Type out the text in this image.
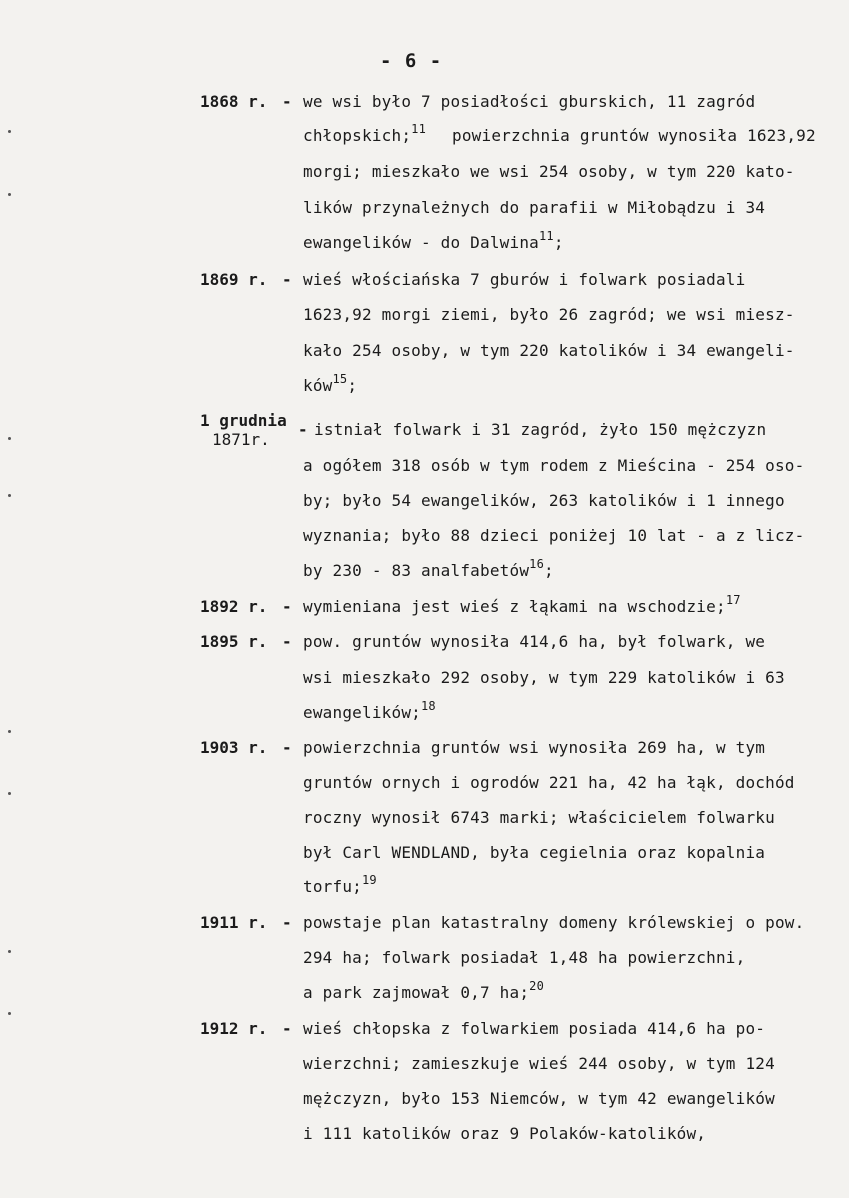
- 6 -
1868 r. - we wsi było 7 posiadłości gburskich, 11 zagród
chłopskich;$^{11}$ powierzchnia gruntów wynosiła 1623,92
morgi; mieszkało we wsi 254 osoby, w tym 220 kato-
lików przynależnych do parafii w Miłobądzu i 34
ewangelików - do Dalwina$^{11}$;
1869 r. - wieś włościańska 7 gburów i folwark posiadali
1623,92 morgi ziemi, było 26 zagród; we wsi miesz-
kało 254 osoby, w tym 220 katolików i 34 ewangeli-
ków$^{15}$;
1 grudnia
1871r.
- istniał folwark i 31 zagród, żyło 150 mężczyzn
a ogółem 318 osób w tym rodem z Mieścina - 254 oso-
by; było 54 ewangelików, 263 katolików i 1 innego
wyznania; było 88 dzieci poniżej 10 lat - a z licz-
by 230 - 83 analfabetów$^{16}$;
1892 r. - wymieniana jest wieś z łąkami na wschodzie;$^{17}$
1895 r. - pow. gruntów wynosiła 414,6 ha, był folwark, we
wsi mieszkało 292 osoby, w tym 229 katolików i 63
ewangelików;$^{18}$
1903 r. - powierzchnia gruntów wsi wynosiła 269 ha, w tym
gruntów ornych i ogrodów 221 ha, 42 ha łąk, dochód
roczny wynosił 6743 marki; właścicielem folwarku
był Carl WENDLAND, była cegielnia oraz kopalnia
torfu;$^{19}$
1911 r. - powstaje plan katastralny domeny królewskiej o pow.
294 ha; folwark posiadał 1,48 ha powierzchni,
a park zajmował 0,7 ha;$^{20}$
1912 r. - wieś chłopska z folwarkiem posiada 414,6 ha po-
wierzchni; zamieszkuje wieś 244 osoby, w tym 124
mężczyzn, było 153 Niemców, w tym 42 ewangelików
i 111 katolików oraz 9 Polaków-katolików,
